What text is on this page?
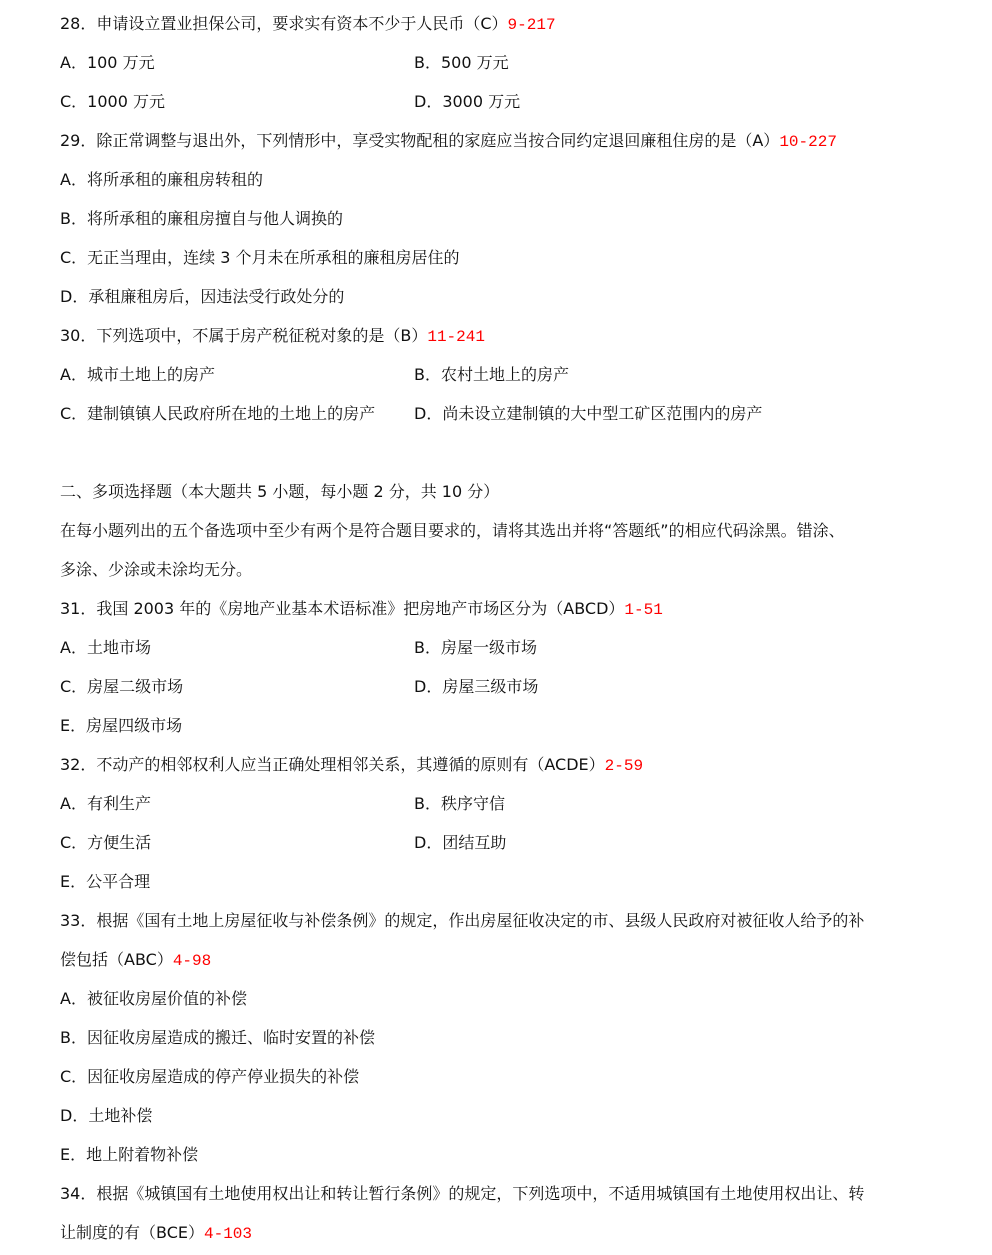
28．申请设立置业担保公司，要求实有资本不少于人民币（C）9-217
A．100 万元	B．500 万元
C．1000 万元	D．3000 万元
29．除正常调整与退出外，下列情形中，享受实物配租的家庭应当按合同约定退回廉租住房的是（A）10-227
A．将所承租的廉租房转租的
B．将所承租的廉租房擅自与他人调换的
C．无正当理由，连续 3 个月未在所承租的廉租房居住的
D．承租廉租房后，因违法受行政处分的
30．下列选项中，不属于房产税征税对象的是（B）11-241
A．城市土地上的房产	B．农村土地上的房产
C．建制镇镇人民政府所在地的土地上的房产 D．尚未设立建制镇的大中型工矿区范围内的房产
二、多项选择题（本大题共 5 小题，每小题 2 分，共 10 分）
在每小题列出的五个备选项中至少有两个是符合题目要求的，请将其选出并将“答题纸”的相应代码涂黑。错涂、
多涂、少涂或未涂均无分。
31．我国 2003 年的《房地产业基本术语标准》把房地产市场区分为（ABCD）1-51
A．土地市场	B．房屋一级市场
C．房屋二级市场	D．房屋三级市场
E．房屋四级市场
32．不动产的相邻权利人应当正确处理相邻关系，其遵循的原则有（ACDE）2-59
A．有利生产	B．秩序守信
C．方便生活	D．团结互助
E．公平合理
33．根据《国有土地上房屋征收与补偿条例》的规定，作出房屋征收决定的市、县级人民政府对被征收人给予的补
偿包括（ABC）4-98
A．被征收房屋价值的补偿
B．因征收房屋造成的搬迁、临时安置的补偿
C．因征收房屋造成的停产停业损失的补偿
D．土地补偿
E．地上附着物补偿
34．根据《城镇国有土地使用权出让和转让暂行条例》的规定，下列选项中，不适用城镇国有土地使用权出让、转
让制度的有（BCE）4-103
